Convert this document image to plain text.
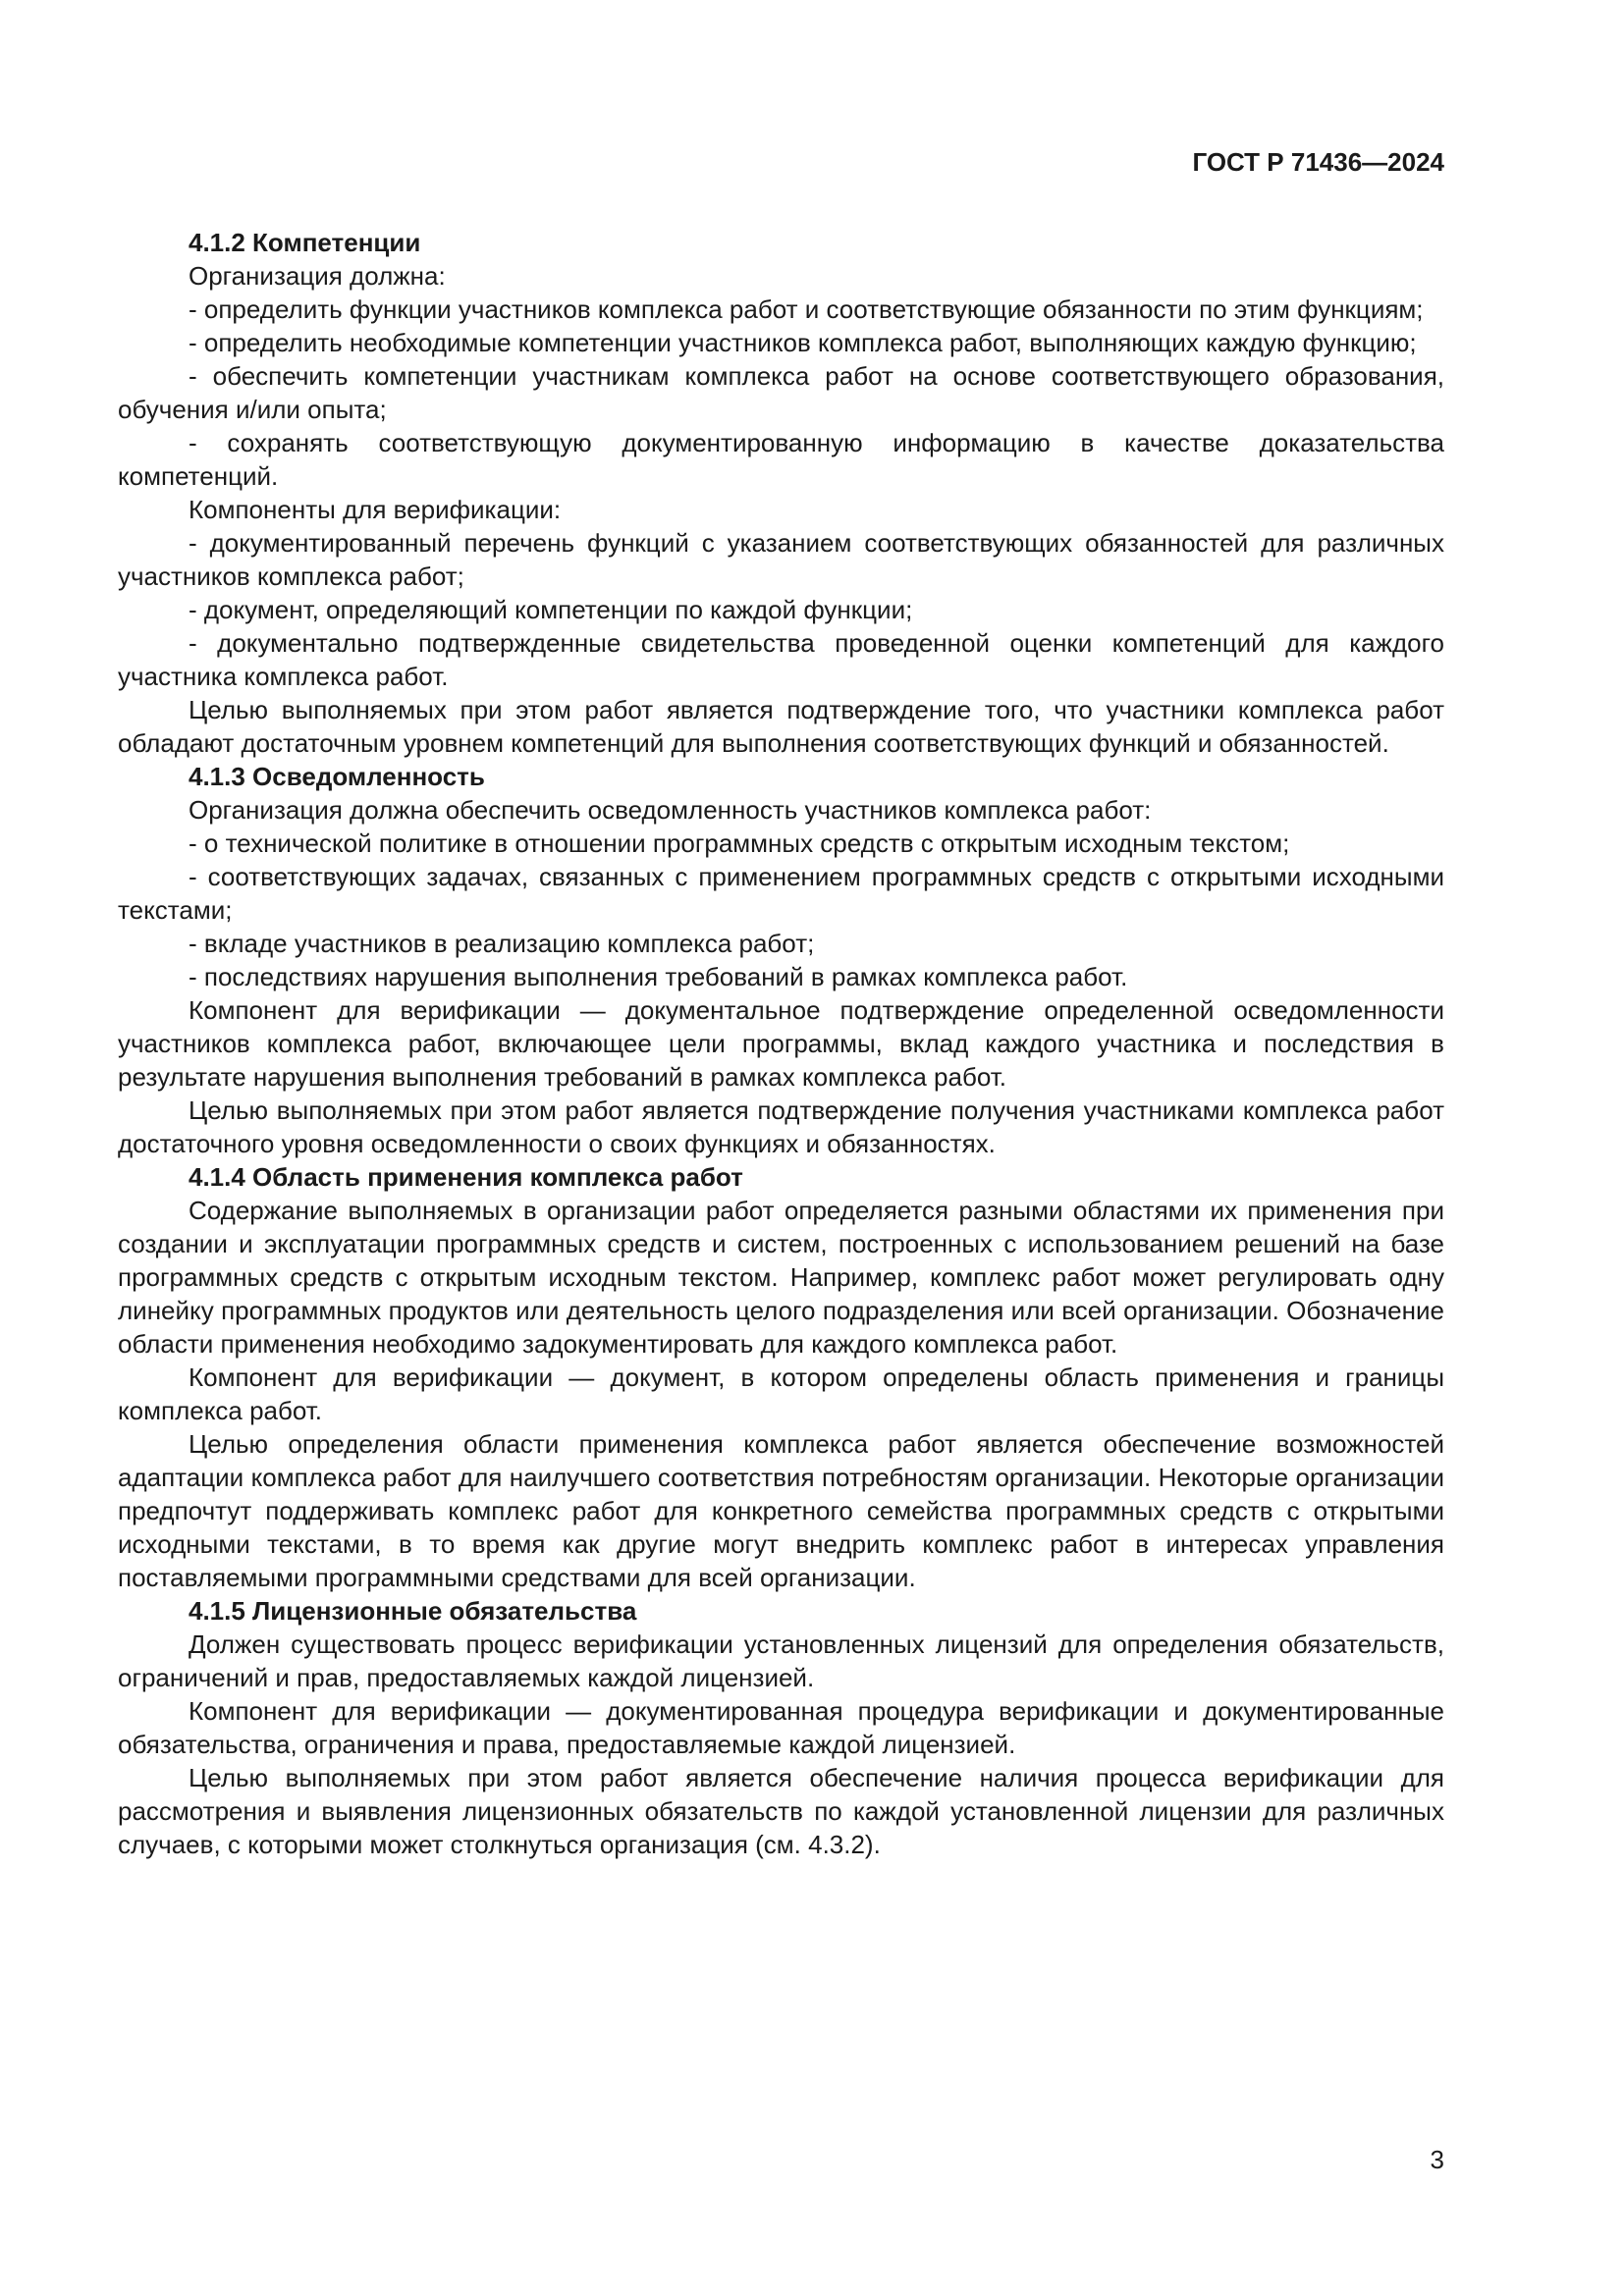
ГОСТ Р 71436—2024
4.1.2 Компетенции

Организация должна:

- определить функции участников комплекса работ и соответствующие обязанности по этим функциям;

- определить необходимые компетенции участников комплекса работ, выполняющих каждую функцию;

- обеспечить компетенции участникам комплекса работ на основе соответствующего образования, обучения и/или опыта;

- сохранять соответствующую документированную информацию в качестве доказательства компетенций.

Компоненты для верификации:

- документированный перечень функций с указанием соответствующих обязанностей для различных участников комплекса работ;

- документ, определяющий компетенции по каждой функции;

- документально подтвержденные свидетельства проведенной оценки компетенций для каждого участника комплекса работ.

Целью выполняемых при этом работ является подтверждение того, что участники комплекса работ обладают достаточным уровнем компетенций для выполнения соответствующих функций и обязанностей.

4.1.3 Осведомленность

Организация должна обеспечить осведомленность участников комплекса работ:

- о технической политике в отношении программных средств с открытым исходным текстом;

- соответствующих задачах, связанных с применением программных средств с открытыми исходными текстами;

- вкладе участников в реализацию комплекса работ;

- последствиях нарушения выполнения требований в рамках комплекса работ.

Компонент для верификации — документальное подтверждение определенной осведомленности участников комплекса работ, включающее цели программы, вклад каждого участника и последствия в результате нарушения выполнения требований в рамках комплекса работ.

Целью выполняемых при этом работ является подтверждение получения участниками комплекса работ достаточного уровня осведомленности о своих функциях и обязанностях.

4.1.4 Область применения комплекса работ

Содержание выполняемых в организации работ определяется разными областями их применения при создании и эксплуатации программных средств и систем, построенных с использованием решений на базе программных средств с открытым исходным текстом. Например, комплекс работ может регулировать одну линейку программных продуктов или деятельность целого подразделения или всей организации. Обозначение области применения необходимо задокументировать для каждого комплекса работ.

Компонент для верификации — документ, в котором определены область применения и границы комплекса работ.

Целью определения области применения комплекса работ является обеспечение возможностей адаптации комплекса работ для наилучшего соответствия потребностям организации. Некоторые организации предпочтут поддерживать комплекс работ для конкретного семейства программных средств с открытыми исходными текстами, в то время как другие могут внедрить комплекс работ в интересах управления поставляемыми программными средствами для всей организации.

4.1.5 Лицензионные обязательства

Должен существовать процесс верификации установленных лицензий для определения обязательств, ограничений и прав, предоставляемых каждой лицензией.

Компонент для верификации — документированная процедура верификации и документированные обязательства, ограничения и права, предоставляемые каждой лицензией.

Целью выполняемых при этом работ является обеспечение наличия процесса верификации для рассмотрения и выявления лицензионных обязательств по каждой установленной лицензии для различных случаев, с которыми может столкнуться организация (см. 4.3.2).

3
